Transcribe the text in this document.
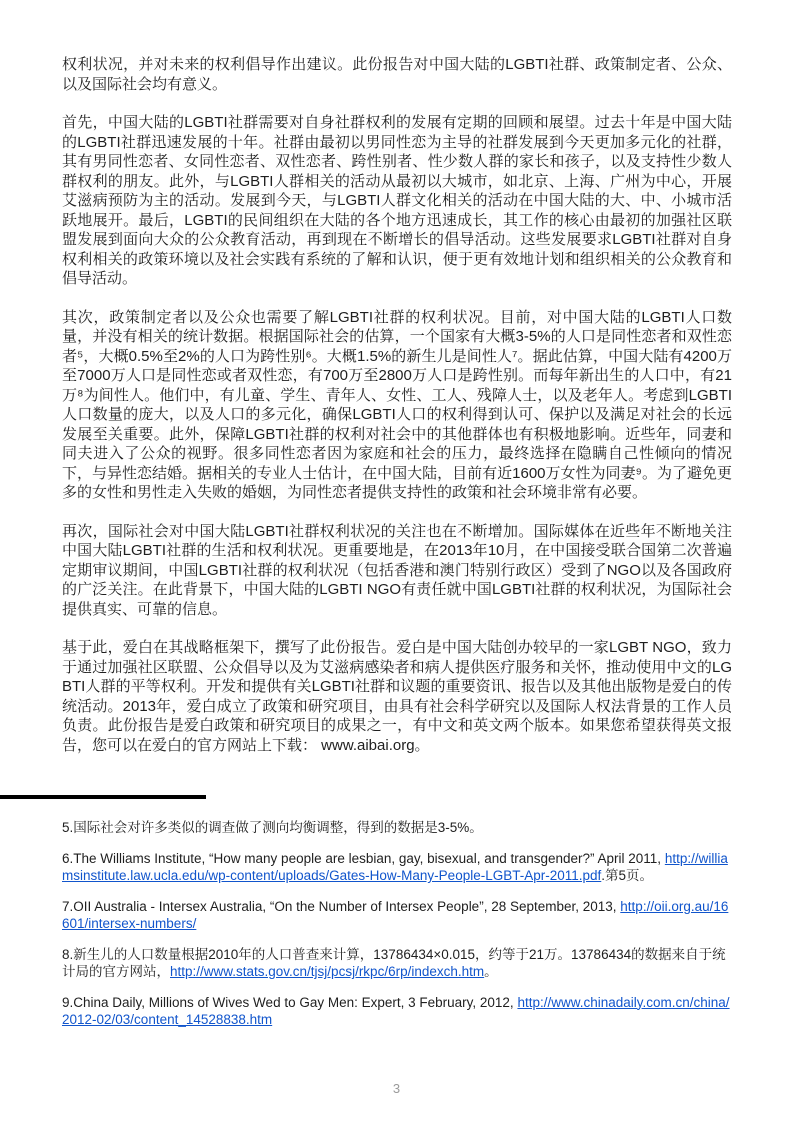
权利状况，并对未来的权利倡导作出建议。此份报告对中国大陆的LGBTI社群、政策制定者、公众、以及国际社会均有意义。

首先，中国大陆的LGBTI社群需要对自身社群权利的发展有定期的回顾和展望。过去十年是中国大陆的LGBTI社群迅速发展的十年。社群由最初以男同性恋为主导的社群发展到今天更加多元化的社群，其有男同性恋者、女同性恋者、双性恋者、跨性别者、性少数人群的家长和孩子，以及支持性少数人群权利的朋友。此外，与LGBTI人群相关的活动从最初以大城市，如北京、上海、广州为中心，开展艾滋病预防为主的活动。发展到今天，与LGBTI人群文化相关的活动在中国大陆的大、中、小城市活跃地展开。最后，LGBTI的民间组织在大陆的各个地方迅速成长，其工作的核心由最初的加强社区联盟发展到面向大众的公众教育活动，再到现在不断增长的倡导活动。这些发展要求LGBTI社群对自身权利相关的政策环境以及社会实践有系统的了解和认识，便于更有效地计划和组织相关的公众教育和倡导活动。

其次，政策制定者以及公众也需要了解LGBTI社群的权利状况。目前，对中国大陆的LGBTI人口数量，并没有相关的统计数据。根据国际社会的估算，一个国家有大概3-5%的人口是同性恋者和双性恋者⁵，大概0.5%至2%的人口为跨性别⁶。大概1.5%的新生儿是间性人⁷。据此估算，中国大陆有4200万至7000万人口是同性恋或者双性恋，有700万至2800万人口是跨性别。而每年新出生的人口中，有21万⁸为间性人。他们中，有儿童、学生、青年人、女性、工人、残障人士，以及老年人。考虑到LGBTI人口数量的庞大，以及人口的多元化，确保LGBTI人口的权利得到认可、保护以及满足对社会的长远发展至关重要。此外，保障LGBTI社群的权利对社会中的其他群体也有积极地影响。近些年，同妻和同夫进入了公众的视野。很多同性恋者因为家庭和社会的压力，最终选择在隐瞒自己性倾向的情况下，与异性恋结婚。据相关的专业人士估计，在中国大陆，目前有近1600万女性为同妻⁹。为了避免更多的女性和男性走入失败的婚姻，为同性恋者提供支持性的政策和社会环境非常有必要。

再次，国际社会对中国大陆LGBTI社群权利状况的关注也在不断增加。国际媒体在近些年不断地关注中国大陆LGBTI社群的生活和权利状况。更重要地是，在2013年10月，在中国接受联合国第二次普遍定期审议期间，中国LGBTI社群的权利状况（包括香港和澳门特别行政区）受到了NGO以及各国政府的广泛关注。在此背景下，中国大陆的LGBTI NGO有责任就中国LGBTI社群的权利状况，为国际社会提供真实、可靠的信息。

基于此，爱白在其战略框架下，撰写了此份报告。爱白是中国大陆创办较早的一家LGBT NGO，致力于通过加强社区联盟、公众倡导以及为艾滋病感染者和病人提供医疗服务和关怀，推动使用中文的LGBTI人群的平等权利。开发和提供有关LGBTI社群和议题的重要资讯、报告以及其他出版物是爱白的传统活动。2013年，爱白成立了政策和研究项目，由具有社会科学研究以及国际人权法背景的工作人员负责。此份报告是爱白政策和研究项目的成果之一，有中文和英文两个版本。如果您希望获得英文报告，您可以在爱白的官方网站上下载： www.aibai.org。

5.国际社会对许多类似的调查做了测向均衡调整，得到的数据是3-5%。

6.The Williams Institute, “How many people are lesbian, gay, bisexual, and transgender?” April 2011, http://williamsinstitute.law.ucla.edu/wp-content/uploads/Gates-How-Many-People-LGBT-Apr-2011.pdf.第5页。

7.OII Australia - Intersex Australia, “On the Number of Intersex People”, 28 September, 2013, http://oii.org.au/16601/intersex-numbers/

8.新生儿的人口数量根据2010年的人口普查来计算，13786434×0.015，约等于21万。13786434的数据来自于统计局的官方网站，http://www.stats.gov.cn/tjsj/pcsj/rkpc/6rp/indexch.htm。

9.China Daily, Millions of Wives Wed to Gay Men: Expert, 3 February, 2012, http://www.chinadaily.com.cn/china/2012-02/03/content_14528838.htm

3
